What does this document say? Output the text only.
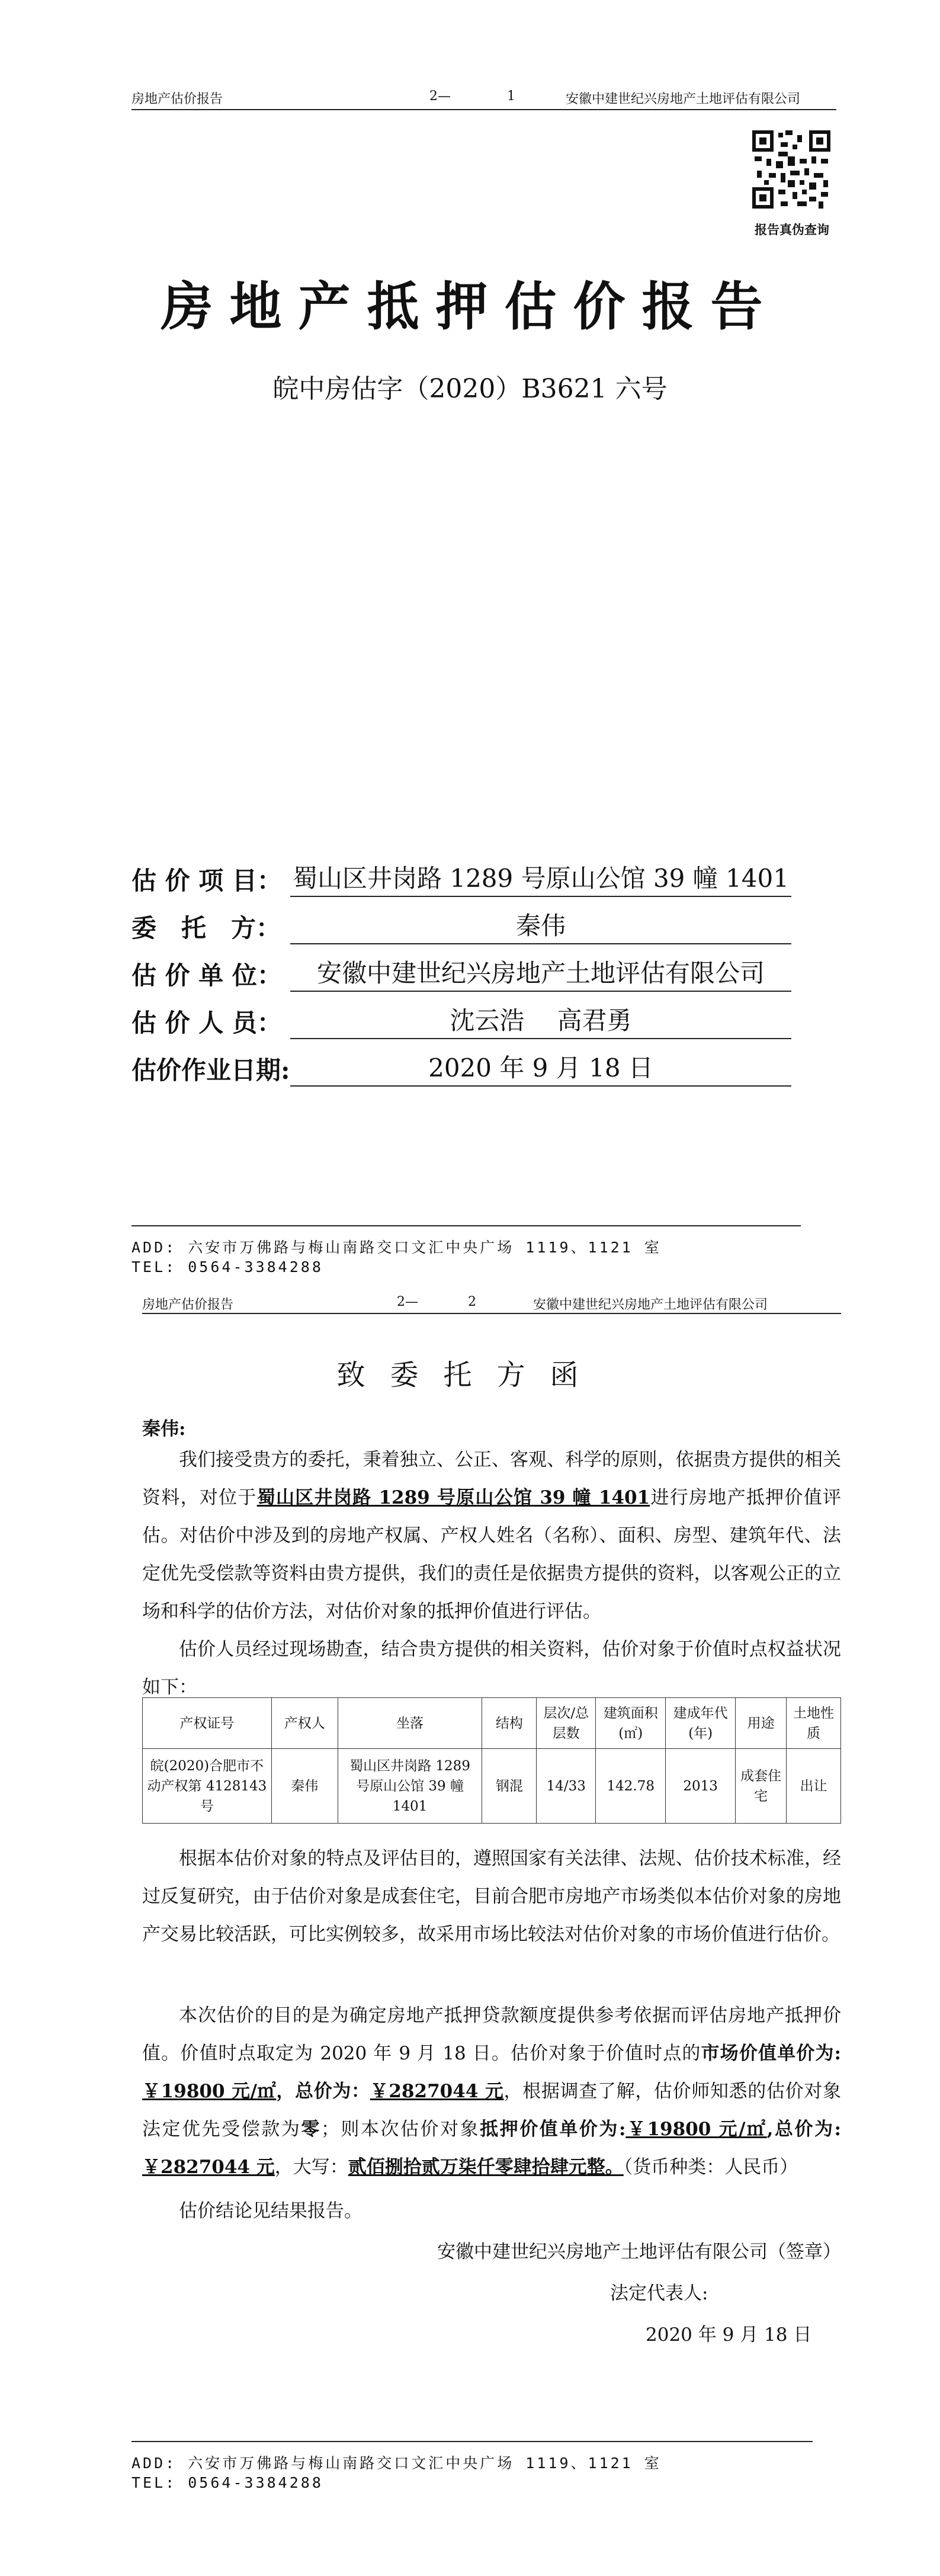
房地产估价报告	2—	1	安徽中建世纪兴房地产土地评估有限公司
报告真伪查询
房地产抵押估价报告
皖中房估字（2020）B3621 六号
估 价 项 目： 蜀山区井岗路 1289 号原山公馆 39 幢 1401
委　托　方：	秦伟
估 价 单 位：	安徽中建世纪兴房地产土地评估有限公司
估 价 人 员：	沈云浩　 高君勇
估价作业日期:	2020 年 9 月 18 日
ADD: 六安市万佛路与梅山南路交口文汇中央广场 1119、1121 室
TEL: 0564-3384288
房地产估价报告	2—	2	安徽中建世纪兴房地产土地评估有限公司
致委托方函
秦伟:
我们接受贵方的委托，秉着独立、公正、客观、科学的原则，依据贵方提供的相关资料，对位于蜀山区井岗路 1289 号原山公馆 39 幢 1401进行房地产抵押价值评估。对估价中涉及到的房地产权属、产权人姓名（名称）、面积、房型、建筑年代、法定优先受偿款等资料由贵方提供，我们的责任是依据贵方提供的资料，以客观公正的立场和科学的估价方法，对估价对象的抵押价值进行评估。
估价人员经过现场勘查，结合贵方提供的相关资料，估价对象于价值时点权益状况如下：
产权证号	产权人	坐落	结构	层次/总层数	建筑面积(㎡)	建成年代(年)	用途	土地性质
皖(2020)合肥市不动产权第 4128143 号	秦伟	蜀山区井岗路 1289 号原山公馆 39 幢 1401	钢混	14/33	142.78	2013	成套住宅	出让
根据本估价对象的特点及评估目的，遵照国家有关法律、法规、估价技术标准，经过反复研究，由于估价对象是成套住宅，目前合肥市房地产市场类似本估价对象的房地产交易比较活跃，可比实例较多，故采用市场比较法对估价对象的市场价值进行估价。
本次估价的目的是为确定房地产抵押贷款额度提供参考依据而评估房地产抵押价值。价值时点取定为 2020 年 9 月 18 日。估价对象于价值时点的市场价值单价为:￥19800 元/㎡，总价为：￥2827044 元，根据调查了解，估价师知悉的估价对象法定优先受偿款为零；则本次估价对象抵押价值单价为:￥19800 元/㎡,总价为:￥2827044 元，大写：贰佰捌拾贰万柒仟零肆拾肆元整。（货币种类：人民币）
估价结论见结果报告。
安徽中建世纪兴房地产土地评估有限公司（签章）
法定代表人:
2020 年 9 月 18 日
ADD: 六安市万佛路与梅山南路交口文汇中央广场 1119、1121 室
TEL: 0564-3384288
